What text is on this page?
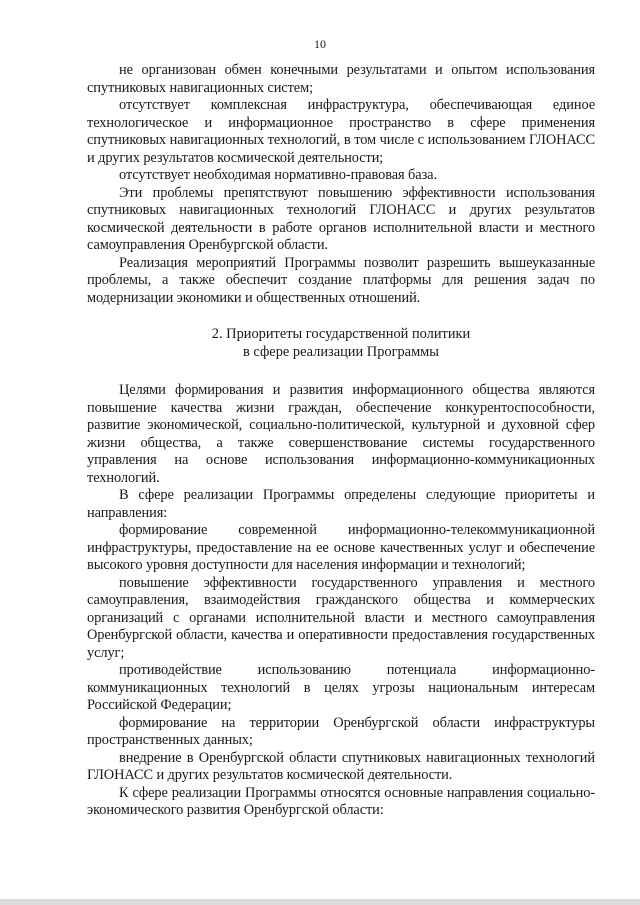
10

не организован обмен конечными результатами и опытом использования спутниковых навигационных систем;

отсутствует комплексная инфраструктура, обеспечивающая единое технологическое и информационное пространство в сфере применения спутниковых навигационных технологий, в том числе с использованием ГЛОНАСС и других результатов космической деятельности;

отсутствует необходимая нормативно-правовая база.

Эти проблемы препятствуют повышению эффективности использования спутниковых навигационных технологий ГЛОНАСС и других результатов космической деятельности в работе органов исполнительной власти и местного самоуправления Оренбургской области.

Реализация мероприятий Программы позволит разрешить вышеуказанные проблемы, а также обеспечит создание платформы для решения задач по модернизации экономики и общественных отношений.

2. Приоритеты государственной политики

в сфере реализации Программы

Целями формирования и развития информационного общества являются повышение качества жизни граждан, обеспечение конкурентоспособности, развитие экономической, социально-политической, культурной и духовной сфер жизни общества, а также совершенствование системы государственного управления на основе использования информационно-коммуникационных технологий.

В сфере реализации Программы определены следующие приоритеты и направления:

формирование современной информационно-телекоммуникационной инфраструктуры, предоставление на ее основе качественных услуг и обеспечение высокого уровня доступности для населения информации и технологий;

повышение эффективности государственного управления и местного самоуправления, взаимодействия гражданского общества и коммерческих организаций с органами исполнительной власти и местного самоуправления Оренбургской области, качества и оперативности предоставления государственных услуг;

противодействие использованию потенциала информационно-коммуникационных технологий в целях угрозы национальным интересам Российской Федерации;

формирование на территории Оренбургской области инфраструктуры пространственных данных;

внедрение в Оренбургской области спутниковых навигационных технологий ГЛОНАСС и других результатов космической деятельности.

К сфере реализации Программы относятся основные направления социально-экономического развития Оренбургской области:
